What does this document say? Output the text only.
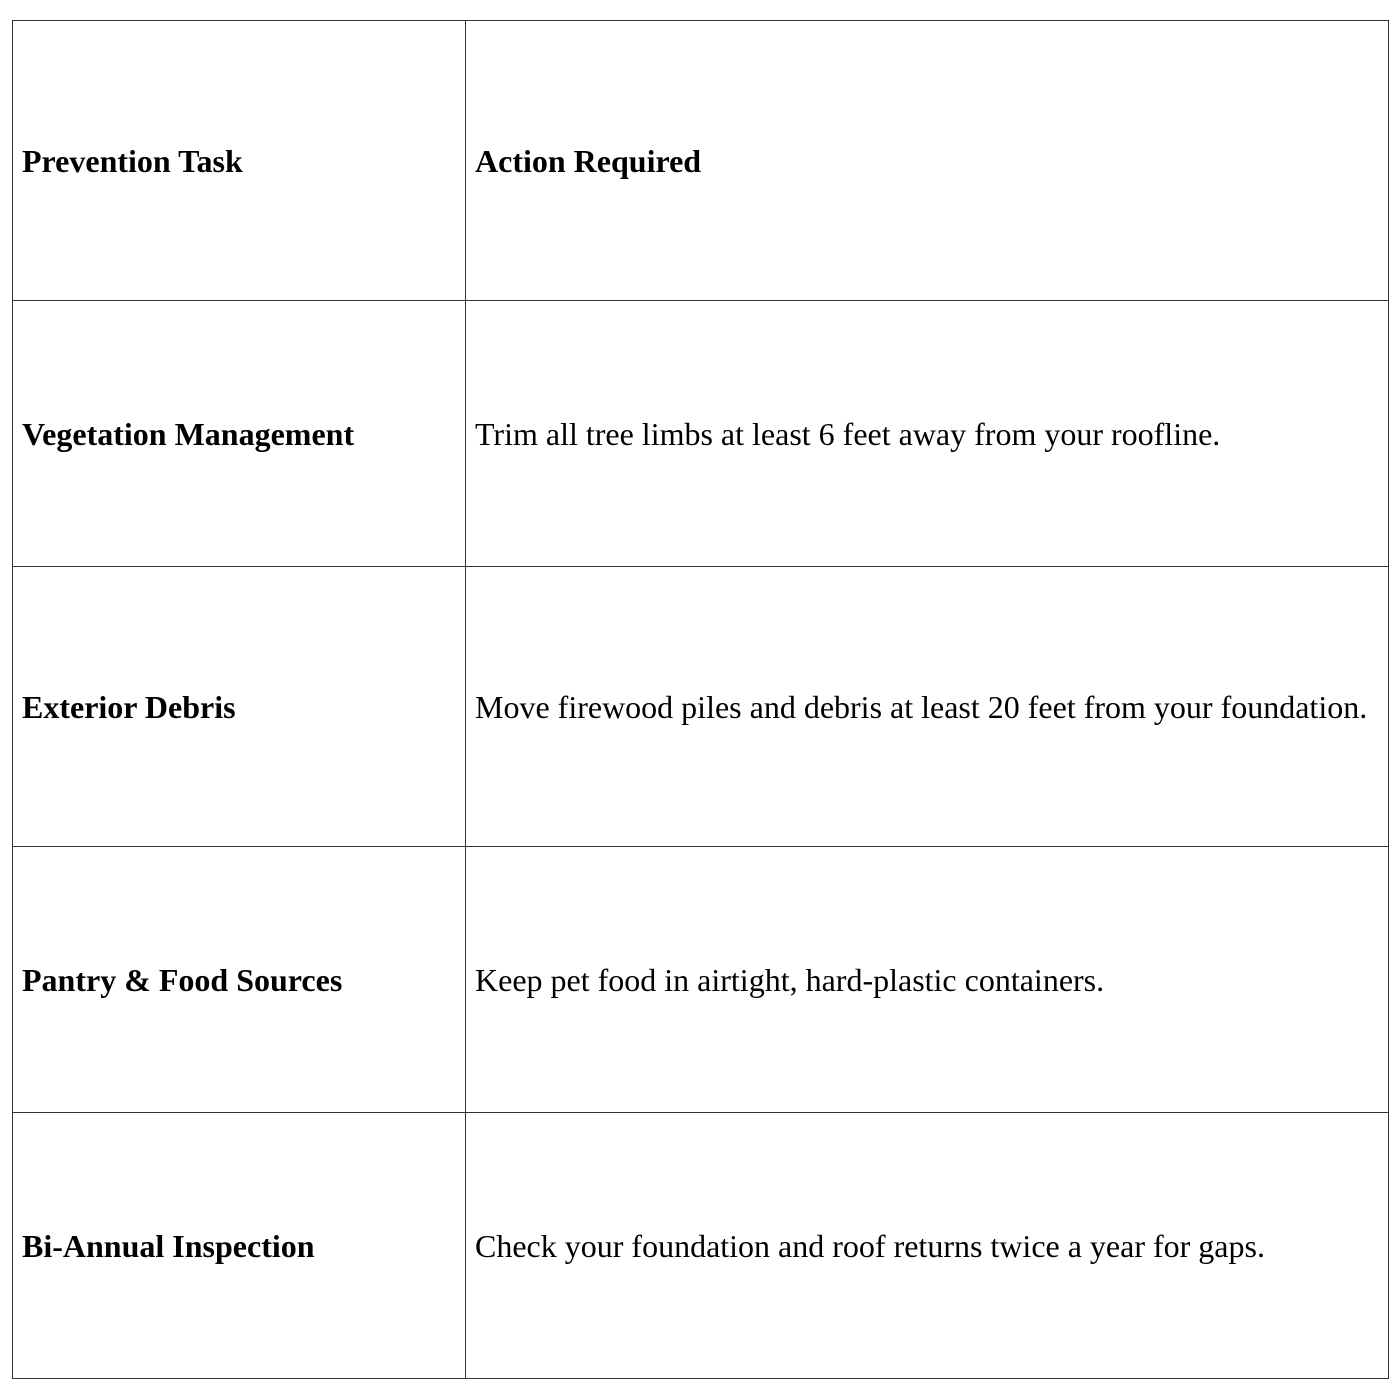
Prevention Task	Action Required
Vegetation Management	Trim all tree limbs at least 6 feet away from your roofline.
Exterior Debris	Move firewood piles and debris at least 20 feet from your foundation.
Pantry & Food Sources	Keep pet food in airtight, hard-plastic containers.
Bi-Annual Inspection	Check your foundation and roof returns twice a year for gaps.
